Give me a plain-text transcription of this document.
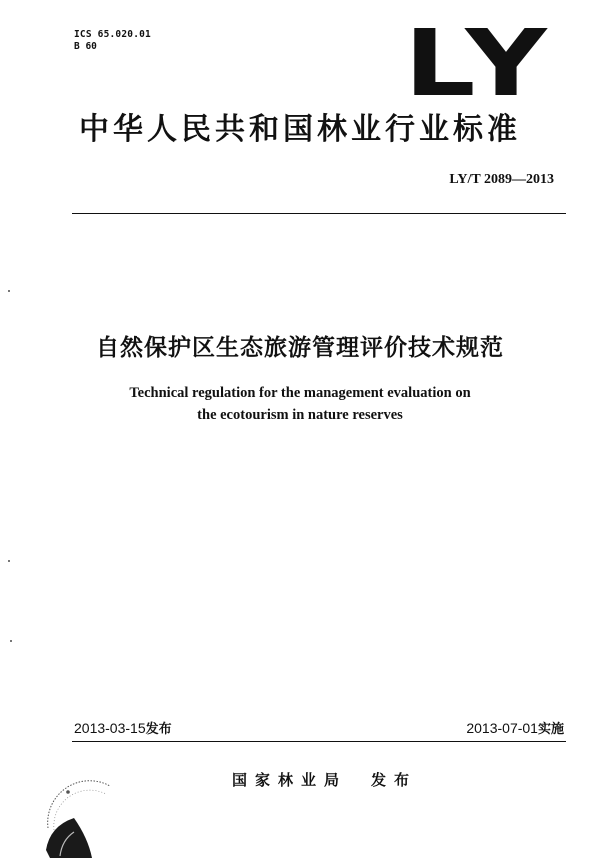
ICS 65.020.01
B 60	LY
中华人民共和国林业行业标准
LY/T 2089—2013
自然保护区生态旅游管理评价技术规范
Technical regulation for the management evaluation on
the ecotourism in nature reserves
2013-03-15发布	2013-07-01实施
国家林业局 发布
